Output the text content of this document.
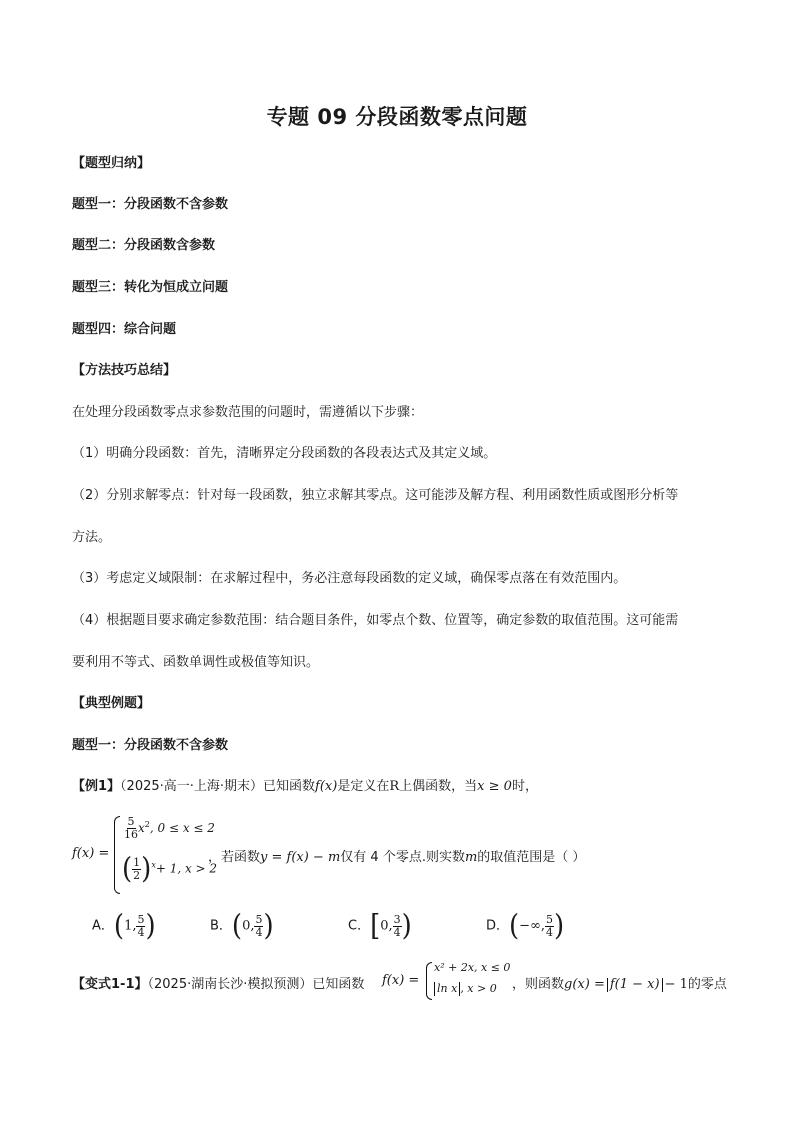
专题 09 分段函数零点问题
【题型归纳】
题型一：分段函数不含参数
题型二：分段函数含参数
题型三：转化为恒成立问题
题型四：综合问题
【方法技巧总结】
在处理分段函数零点求参数范围的问题时，需遵循以下步骤：
（1）明确分段函数：首先，清晰界定分段函数的各段表达式及其定义域。
（2）分别求解零点：针对每一段函数，独立求解其零点。这可能涉及解方程、利用函数性质或图形分析等
方法。
（3）考虑定义域限制：在求解过程中，务必注意每段函数的定义域，确保零点落在有效范围内。
（4）根据题目要求确定参数范围：结合题目条件，如零点个数、位置等，确定参数的取值范围。这可能需
要利用不等式、函数单调性或极值等知识。
【典型例题】
题型一：分段函数不含参数
【例1】（2025·高一·上海·期末）已知函数f(x)是定义在R上偶函数，当x ≥ 0时，
f(x) =
$\frac{5}{16} x^2$, 0 ≤ x ≤ 2
( $\frac{1}{2} )^x+ 1$, x > 2
，若函数y = f(x) − m仅有 4 个零点.则实数m的取值范围是（ ）
A．(1, $\frac{5}{4}$ )	B．(0, $\frac{5}{4}$ )	C．[0, $\frac{3}{4}$ )	D．(−∞, $\frac{5}{4}$ )
【变式1-1】（2025·湖南长沙·模拟预测）已知函数 f(x) =
x² + 2x, x ≤ 0
ln x , x > 0 ，则函数g(x) = f(1 − x) − 1的零点
